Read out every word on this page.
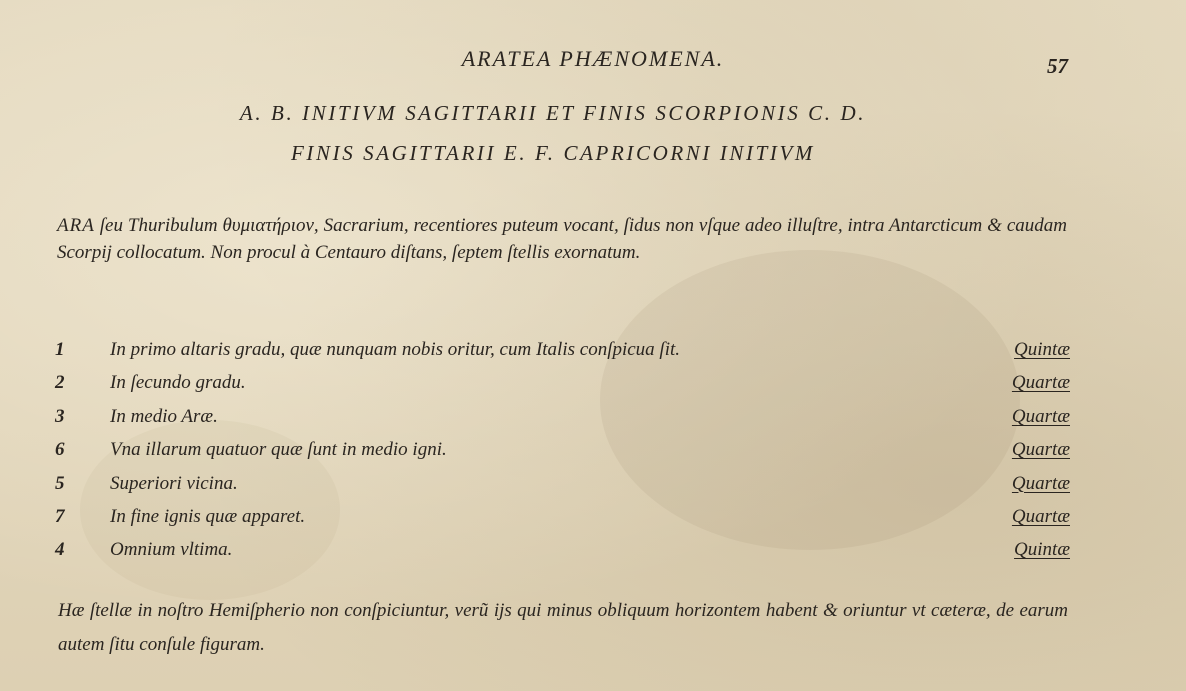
ARATEA PHÆNOMENA.	57
A. B. INITIVM SAGITTARII ET FINIS SCORPIONIS C. D.
FINIS SAGITTARII E. F. CAPRICORNI INITIVM
ARA ſeu Thuribulum θυμιατήριον, Sacrarium, recentiores puteum vocant, ſidus non vſque adeo illuſtre, intra Antarcticum & caudam Scorpij collocatum. Non procul à Centauro diſtans, ſeptem ſtellis exornatum.
1	In primo altaris gradu, quæ nunquam nobis oritur, cum Italis conſpicua ſit.	Quintæ
2	In ſecundo gradu.	Quartæ
3	In medio Aræ.	Quartæ
6	Vna illarum quatuor quæ ſunt in medio igni.	Quartæ
5	Superiori vicina.	Quartæ
7	In fine ignis quæ apparet.	Quartæ
4	Omnium vltima.	Quintæ
Hæ ſtellæ in noſtro Hemiſpherio non conſpiciuntur, verũ ijs qui minus obliquum horizontem habent & oriuntur vt cæteræ, de earum autem ſitu conſule figuram.
